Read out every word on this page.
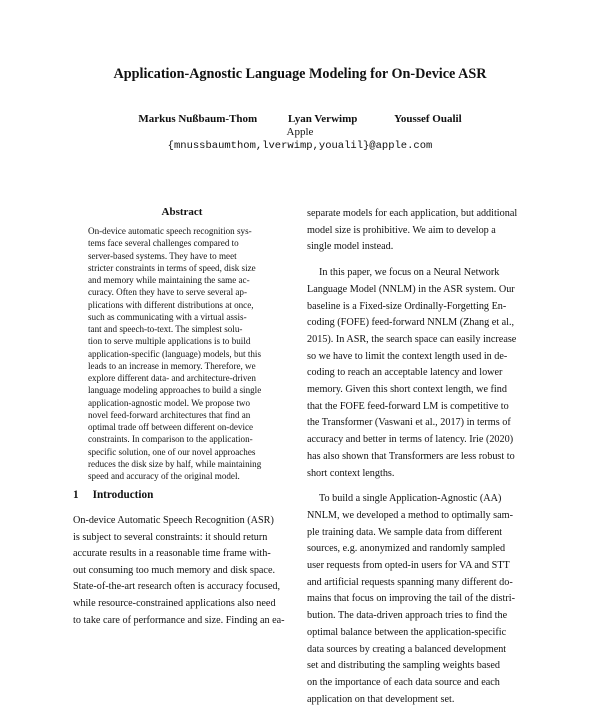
Application-Agnostic Language Modeling for On-Device ASR
Markus Nußbaum-Thom	Lyan Verwimp	Youssef Oualil
Apple
{mnussbaumthom,lverwimp,youalil}@apple.com
Abstract
On-device automatic speech recognition sys-
tems face several challenges compared to
server-based systems. They have to meet
stricter constraints in terms of speed, disk size
and memory while maintaining the same ac-
curacy. Often they have to serve several ap-
plications with different distributions at once,
such as communicating with a virtual assis-
tant and speech-to-text. The simplest solu-
tion to serve multiple applications is to build
application-specific (language) models, but this
leads to an increase in memory. Therefore, we
explore different data- and architecture-driven
language modeling approaches to build a single
application-agnostic model. We propose two
novel feed-forward architectures that find an
optimal trade off between different on-device
constraints. In comparison to the application-
specific solution, one of our novel approaches
reduces the disk size by half, while maintaining
speed and accuracy of the original model.
1 Introduction
On-device Automatic Speech Recognition (ASR)
is subject to several constraints: it should return
accurate results in a reasonable time frame with-
out consuming too much memory and disk space.
State-of-the-art research often is accuracy focused,
while resource-constrained applications also need
to take care of performance and size. Finding an ea-
separate models for each application, but additional
model size is prohibitive. We aim to develop a
single model instead.
In this paper, we focus on a Neural Network
Language Model (NNLM) in the ASR system. Our
baseline is a Fixed-size Ordinally-Forgetting En-
coding (FOFE) feed-forward NNLM (Zhang et al.,
2015). In ASR, the search space can easily increase
so we have to limit the context length used in de-
coding to reach an acceptable latency and lower
memory. Given this short context length, we find
that the FOFE feed-forward LM is competitive to
the Transformer (Vaswani et al., 2017) in terms of
accuracy and better in terms of latency. Irie (2020)
has also shown that Transformers are less robust to
short context lengths.
To build a single Application-Agnostic (AA)
NNLM, we developed a method to optimally sam-
ple training data. We sample data from different
sources, e.g. anonymized and randomly sampled
user requests from opted-in users for VA and STT
and artificial requests spanning many different do-
mains that focus on improving the tail of the distri-
bution. The data-driven approach tries to find the
optimal balance between the application-specific
data sources by creating a balanced development
set and distributing the sampling weights based
on the importance of each data source and each
application on that development set.
